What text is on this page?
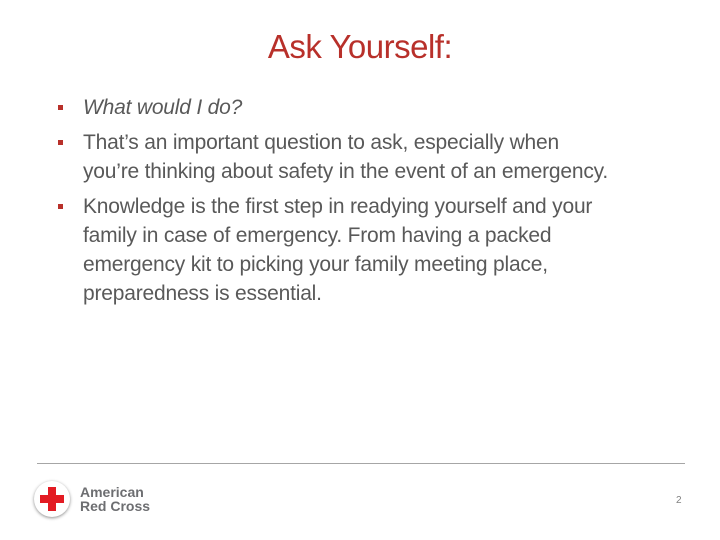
Ask Yourself:
What would I do?
That’s an important question to ask, especially when
you’re thinking about safety in the event of an emergency.
Knowledge is the first step in readying yourself and your
family in case of emergency. From having a packed
emergency kit to picking your family meeting place,
preparedness is essential.
American
Red Cross	2
